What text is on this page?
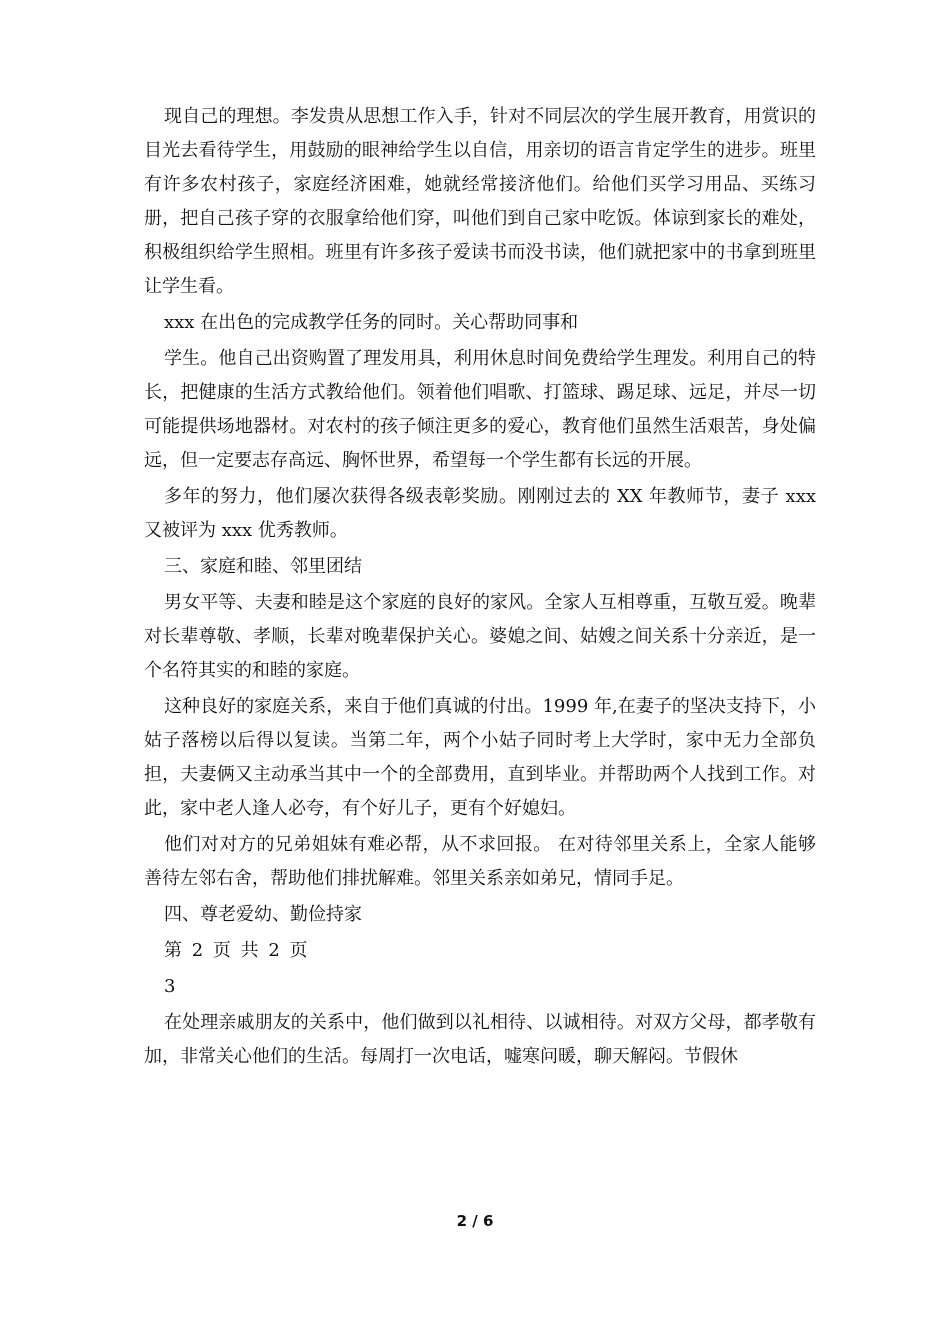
现自己的理想。李发贵从思想工作入手，针对不同层次的学生展开教育，用赏识的目光去看待学生，用鼓励的眼神给学生以自信，用亲切的语言肯定学生的进步。班里有许多农村孩子，家庭经济困难，她就经常接济他们。给他们买学习用品、买练习册，把自己孩子穿的衣服拿给他们穿，叫他们到自己家中吃饭。体谅到家长的难处，积极组织给学生照相。班里有许多孩子爱读书而没书读，他们就把家中的书拿到班里让学生看。

xxx 在出色的完成教学任务的同时。关心帮助同事和

学生。他自己出资购置了理发用具，利用休息时间免费给学生理发。利用自己的特长，把健康的生活方式教给他们。领着他们唱歌、打篮球、踢足球、远足，并尽一切可能提供场地器材。对农村的孩子倾注更多的爱心，教育他们虽然生活艰苦，身处偏远，但一定要志存高远、胸怀世界，希望每一个学生都有长远的开展。

多年的努力，他们屡次获得各级表彰奖励。刚刚过去的 XX 年教师节，妻子 xxx 又被评为 xxx 优秀教师。

三、家庭和睦、邻里团结

男女平等、夫妻和睦是这个家庭的良好的家风。全家人互相尊重，互敬互爱。晚辈对长辈尊敬、孝顺，长辈对晚辈保护关心。婆媳之间、姑嫂之间关系十分亲近，是一个名符其实的和睦的家庭。

这种良好的家庭关系，来自于他们真诚的付出。1999 年,在妻子的坚决支持下，小姑子落榜以后得以复读。当第二年，两个小姑子同时考上大学时，家中无力全部负担，夫妻俩又主动承当其中一个的全部费用，直到毕业。并帮助两个人找到工作。对此，家中老人逢人必夸，有个好儿子，更有个好媳妇。

他们对对方的兄弟姐妹有难必帮，从不求回报。 在对待邻里关系上，全家人能够善待左邻右舍，帮助他们排扰解难。邻里关系亲如弟兄，情同手足。

四、尊老爱幼、勤俭持家

第 2 页 共 2 页

3

在处理亲戚朋友的关系中，他们做到以礼相待、以诚相待。对双方父母，都孝敬有加，非常关心他们的生活。每周打一次电话，嘘寒问暖，聊天解闷。节假休

2 / 6
